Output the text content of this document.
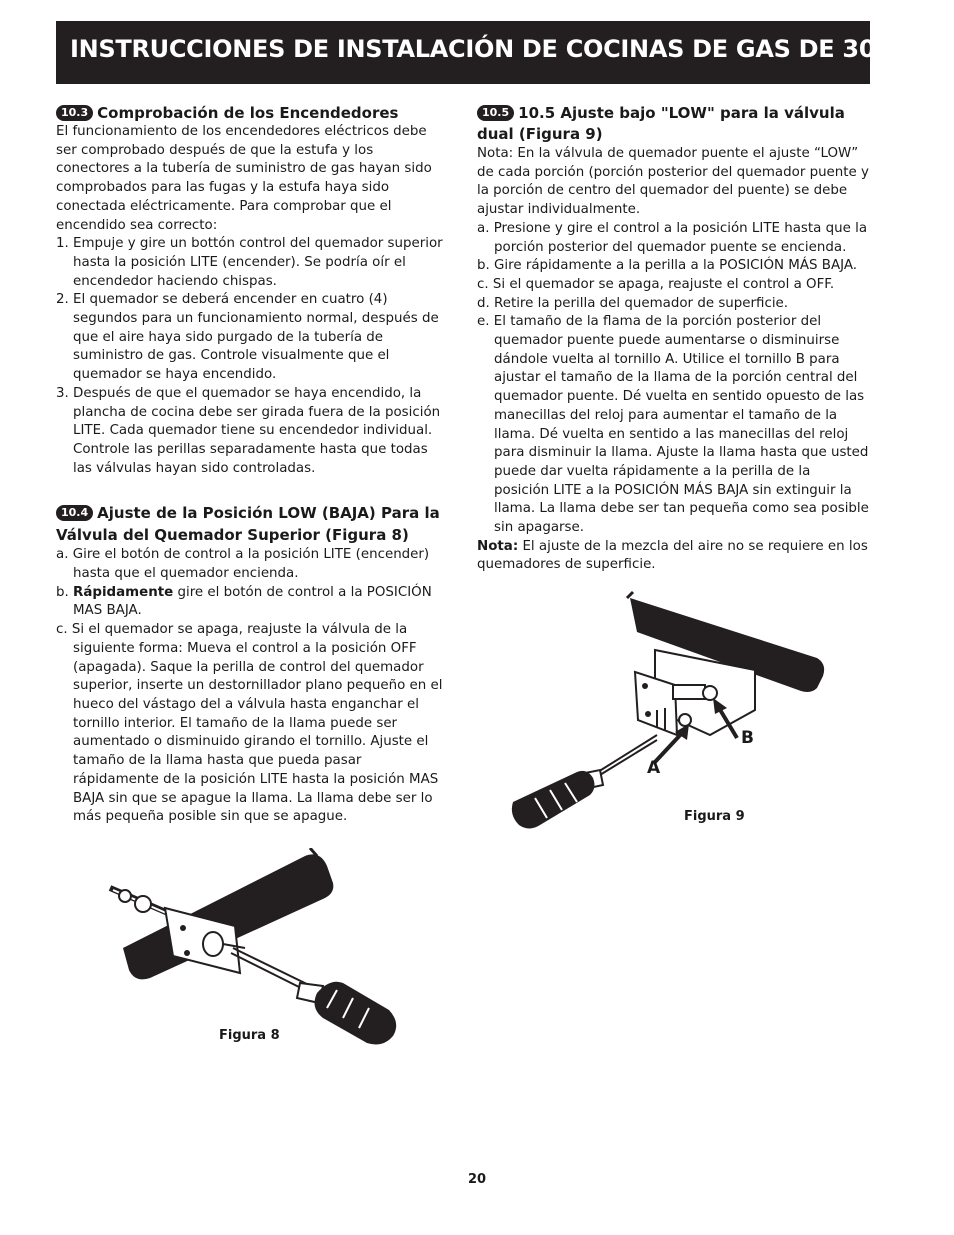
INSTRUCCIONES DE INSTALACIÓN DE COCINAS DE GAS DE 30"

10.3 Comprobación de los Encendedores

El funcionamiento de los encendedores eléctricos debe ser comprobado después de que la estufa y los conectores a la tubería de suministro de gas hayan sido comprobados para las fugas y la estufa haya sido conectada eléctricamente. Para comprobar que el encendido sea correcto:

1. Empuje y gire un bottón control del quemador superior hasta la posición LITE (encender). Se podría oír el encendedor haciendo chispas.

2. El quemador se deberá encender en cuatro (4) segundos para un funcionamiento normal, después de que el aire haya sido purgado de la tubería de suministro de gas. Controle visualmente que el quemador se haya encendido.

3. Después de que el quemador se haya encendido, la plancha de cocina debe ser girada fuera de la posición LITE. Cada quemador tiene su encendedor individual. Controle las perillas separadamente hasta que todas las válvulas hayan sido controladas.

10.4 Ajuste de la Posición LOW (BAJA) Para la Válvula del Quemador Superior (Figura 8)

a. Gire el botón de control a la posición LITE (encender) hasta que el quemador encienda.

b. Rápidamente gire el botón de control a la POSICIÓN MAS BAJA.

c. Si el quemador se apaga, reajuste la válvula de la siguiente forma: Mueva el control a la posición OFF (apagada). Saque la perilla de control del quemador superior, inserte un destornillador plano pequeño en el hueco del vástago del a válvula hasta enganchar el tornillo interior. El tamaño de la llama puede ser aumentado o disminuido girando el tornillo. Ajuste el tamaño de la llama hasta que pueda pasar rápidamente de la posición LITE hasta la posición MAS BAJA sin que se apague la llama. La llama debe ser lo más pequeña posible sin que se apague.

10.5 10.5 Ajuste bajo "LOW" para la válvula dual (Figura 9)

Nota: En la válvula de quemador puente el ajuste “LOW” de cada porción (porción posterior del quemador puente y la porción de centro del quemador del puente) se debe ajustar individualmente.

a. Presione y gire el control a la posición LITE hasta que la porción posterior del quemador puente se encienda.

b. Gire rápidamente a la perilla a la POSICIÓN MÁS BAJA.

c. Si el quemador se apaga, reajuste el control a OFF.

d. Retire la perilla del quemador de superficie.

e. El tamaño de la flama de la porción posterior del quemador puente puede aumentarse o disminuirse dándole vuelta al tornillo A. Utilice el tornillo B para ajustar el tamaño de la llama de la porción central del quemador puente. Dé vuelta en sentido opuesto de las manecillas del reloj para aumentar el tamaño de la llama. Dé vuelta en sentido a las manecillas del reloj para disminuir la llama. Ajuste la llama hasta que usted puede dar vuelta rápidamente a la perilla de la posición LITE a la POSICIÓN MÁS BAJA sin extinguir la llama. La llama debe ser tan pequeña como sea posible sin apagarse.

Nota: El ajuste de la mezcla del aire no se requiere en los quemadores de superficie.

A
B
Figura 9
Figura 8
20
